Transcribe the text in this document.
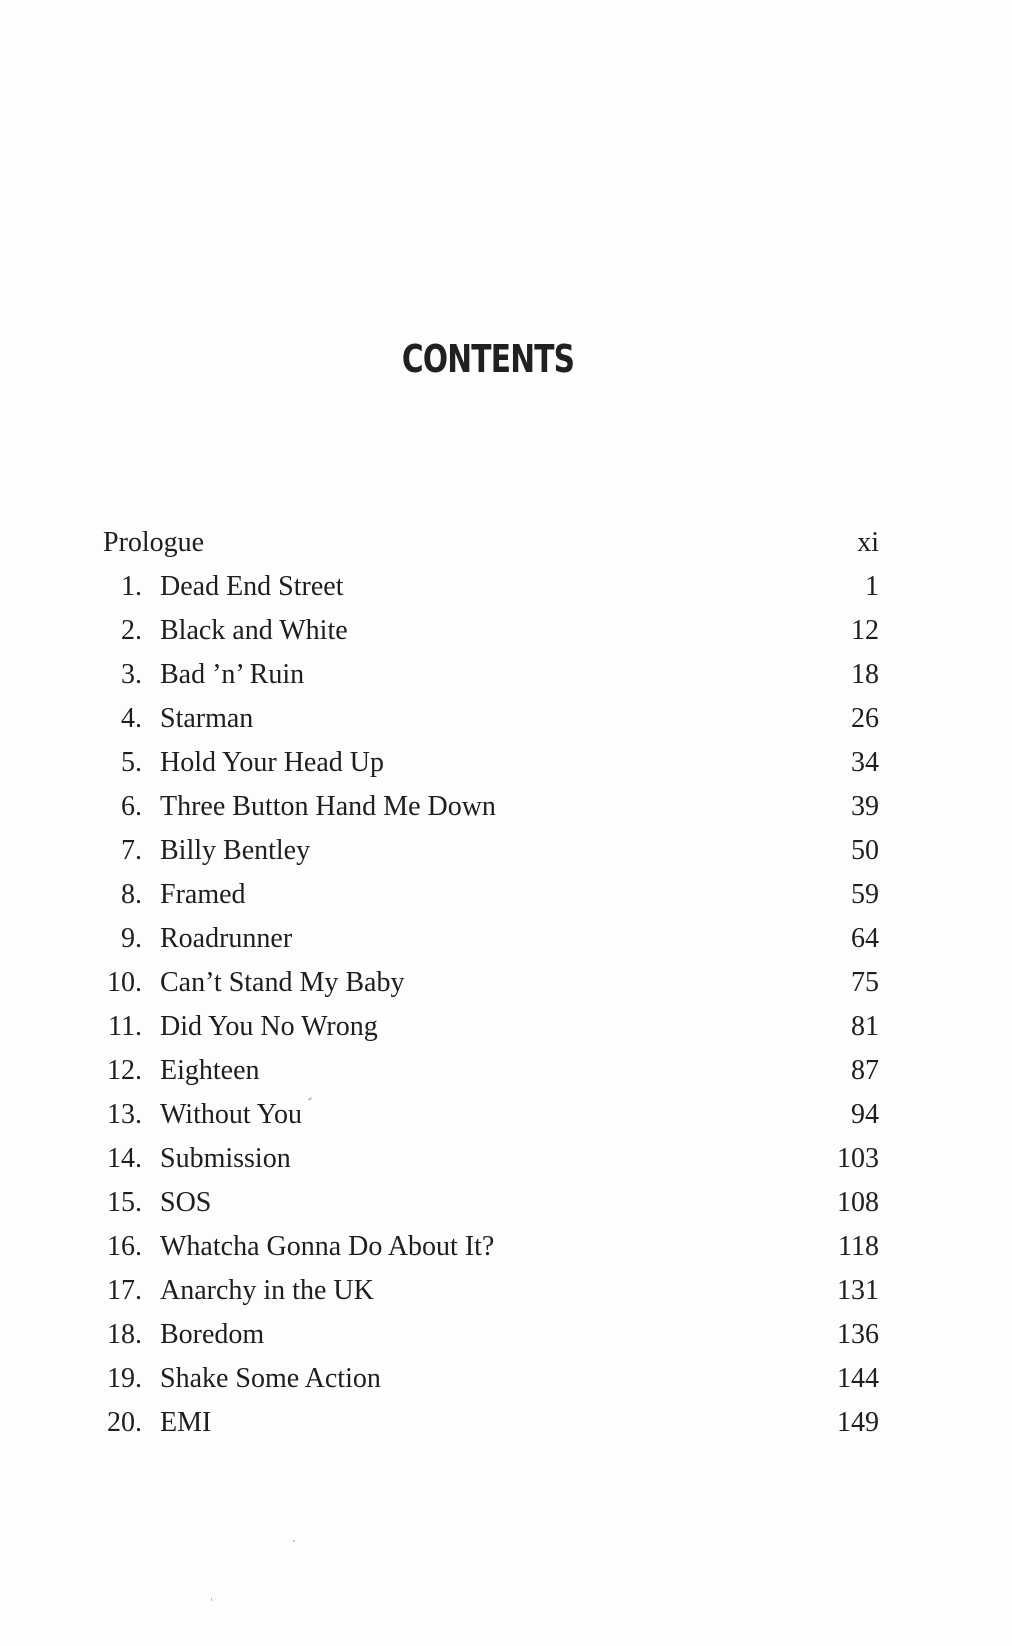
CONTENTS
Prologue	xi
1. Dead End Street	1
2. Black and White	12
3. Bad ’n’ Ruin	18
4. Starman	26
5. Hold Your Head Up	34
6. Three Button Hand Me Down	39
7. Billy Bentley	50
8. Framed	59
9. Roadrunner	64
10. Can’t Stand My Baby	75
11. Did You No Wrong	81
12. Eighteen	87
13. Without You	94
14. Submission	103
15. SOS	108
16. Whatcha Gonna Do About It?	118
17. Anarchy in the UK	131
18. Boredom	136
19. Shake Some Action	144
20. EMI	149
